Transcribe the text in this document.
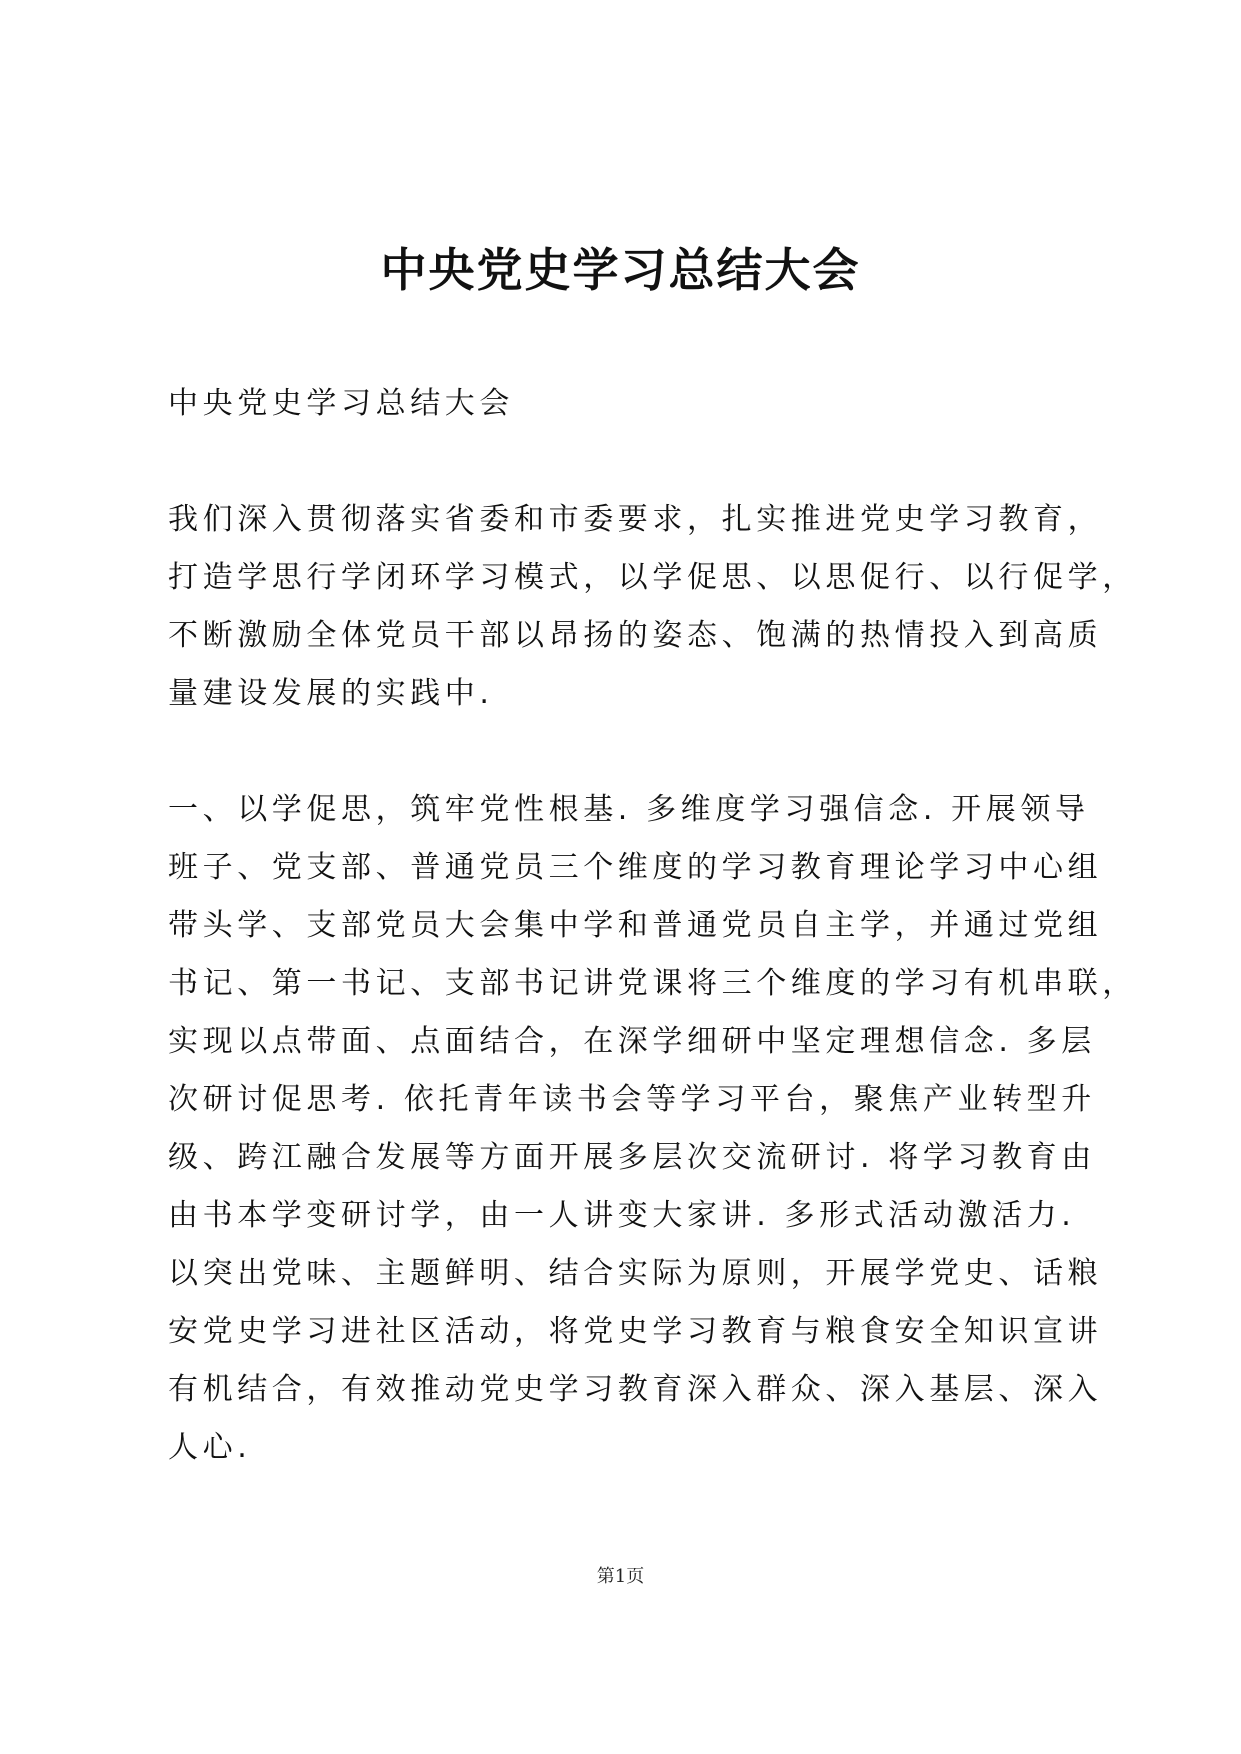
中央党史学习总结大会

中央党史学习总结大会

我们深入贯彻落实省委和市委要求，扎实推进党史学习教育，
打造学思行学闭环学习模式，以学促思、以思促行、以行促学，
不断激励全体党员干部以昂扬的姿态、饱满的热情投入到高质
量建设发展的实践中.

一、以学促思，筑牢党性根基. 多维度学习强信念. 开展领导
班子、党支部、普通党员三个维度的学习教育理论学习中心组
带头学、支部党员大会集中学和普通党员自主学，并通过党组
书记、第一书记、支部书记讲党课将三个维度的学习有机串联，
实现以点带面、点面结合，在深学细研中坚定理想信念. 多层
次研讨促思考. 依托青年读书会等学习平台，聚焦产业转型升
级、跨江融合发展等方面开展多层次交流研讨. 将学习教育由
由书本学变研讨学，由一人讲变大家讲. 多形式活动激活力.
以突出党味、主题鲜明、结合实际为原则，开展学党史、话粮
安党史学习进社区活动，将党史学习教育与粮食安全知识宣讲
有机结合，有效推动党史学习教育深入群众、深入基层、深入
人心.

第1页
